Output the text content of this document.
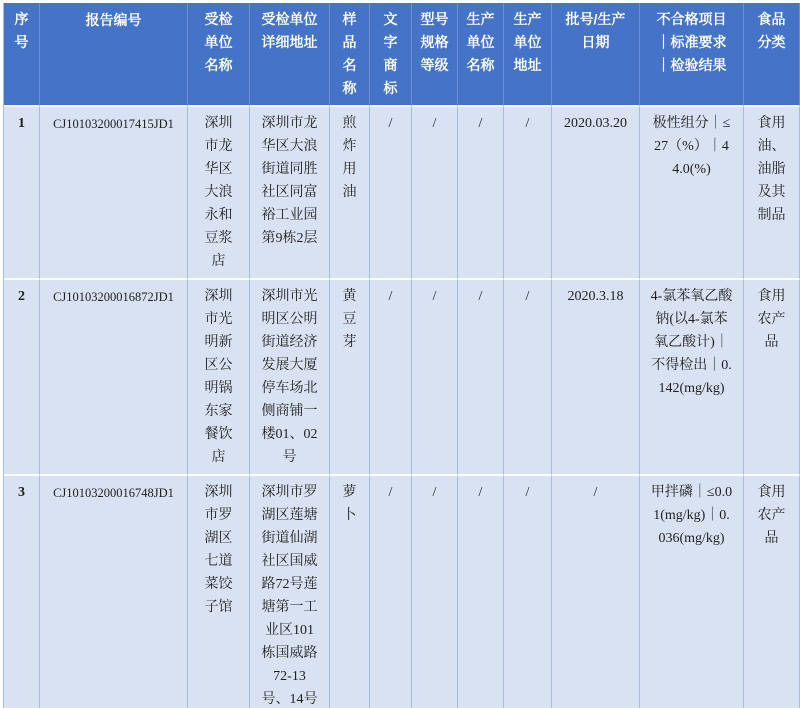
序号	报告编号	受检单位名称	受检单位详细地址	样品名称	文字商标	型号规格等级	生产单位名称	生产单位地址	批号/生产日期	不合格项目｜标准要求｜检验结果	食品分类
1	CJ10103200017415JD1	深圳市龙华区大浪永和豆浆店	深圳市龙华区大浪街道同胜社区同富裕工业园第9栋2层	煎炸用油	/	/	/	/	2020.03.20	极性组分｜≤27（%）｜44.0(%)	食用油、油脂及其制品
2	CJ10103200016872JD1	深圳市光明新区公明锅东家餐饮店	深圳市光明区公明街道经济发展大厦停车场北侧商铺一楼01、02号	黄豆芽	/	/	/	/	2020.3.18	4-氯苯氧乙酸钠(以4-氯苯氧乙酸计)｜不得检出｜0.142(mg/kg)	食用农产品
3	CJ10103200016748JD1	深圳市罗湖区七道菜饺子馆	深圳市罗湖区莲塘街道仙湖社区国威路72号莲塘第一工业区101栋国威路72-13号、14号	萝卜	/	/	/	/	/	甲拌磷｜≤0.01(mg/kg)｜0.036(mg/kg)	食用农产品
